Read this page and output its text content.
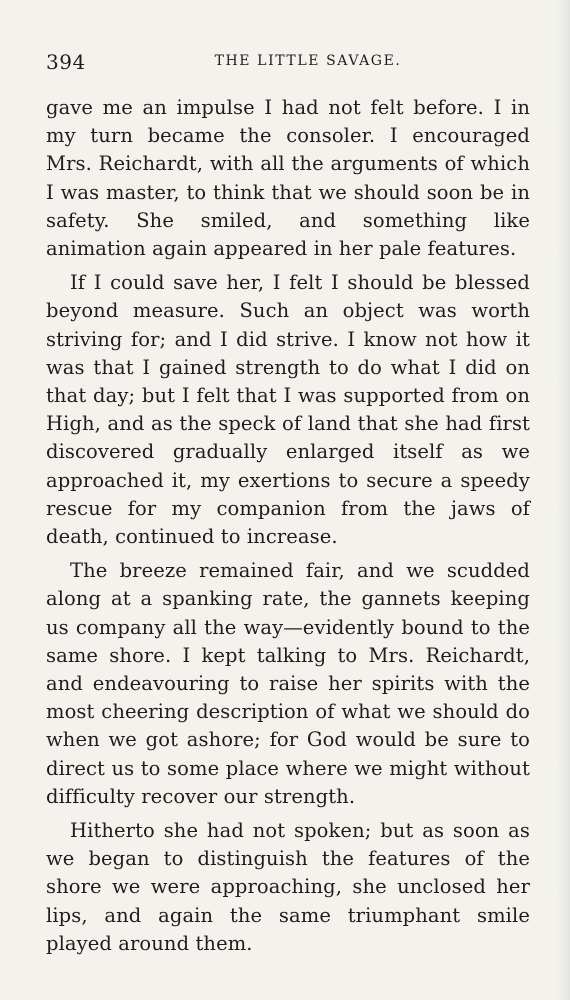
394	THE LITTLE SAVAGE.

gave me an impulse I had not felt before. I in my turn became the consoler. I encouraged Mrs. Reichardt, with all the arguments of which I was master, to think that we should soon be in safety. She smiled, and something like animation again appeared in her pale features.

If I could save her, I felt I should be blessed beyond measure. Such an object was worth striving for; and I did strive. I know not how it was that I gained strength to do what I did on that day; but I felt that I was supported from on High, and as the speck of land that she had first discovered gradually enlarged itself as we approached it, my exertions to secure a speedy rescue for my companion from the jaws of death, continued to increase.

The breeze remained fair, and we scudded along at a spanking rate, the gannets keeping us company all the way—evidently bound to the same shore. I kept talking to Mrs. Reichardt, and endeavouring to raise her spirits with the most cheering description of what we should do when we got ashore; for God would be sure to direct us to some place where we might without difficulty recover our strength.

Hitherto she had not spoken; but as soon as we began to distinguish the features of the shore we were approaching, she unclosed her lips, and again the same triumphant smile played around them.
